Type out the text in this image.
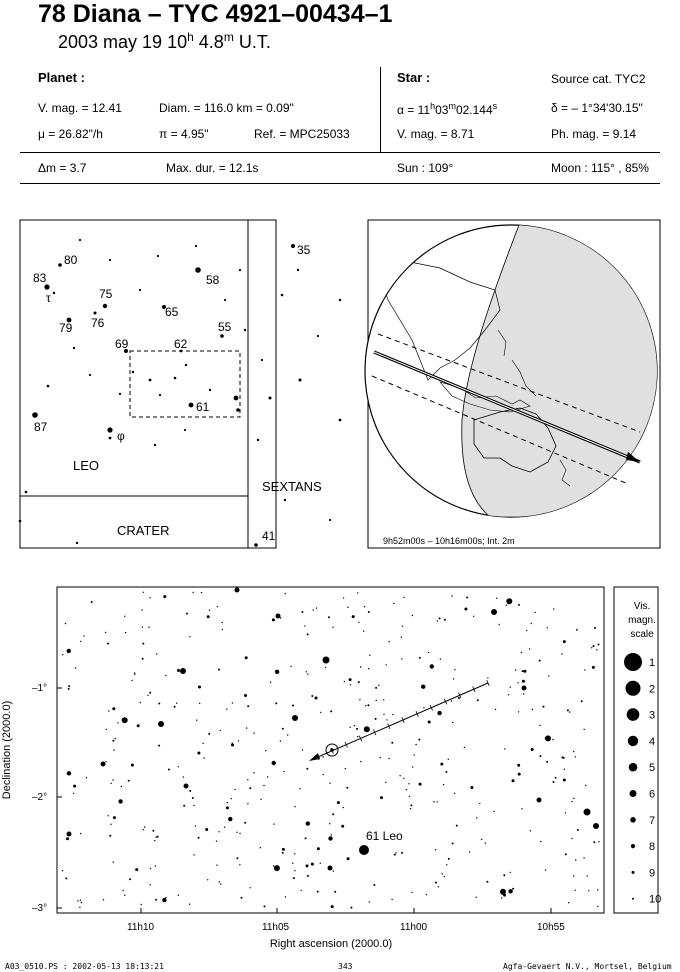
78 Diana – TYC 4921–00434–1
2003 may 19 10$^h$ 4.8$^m$ U.T.
Planet :
V. mag. = 12.41	Diam. = 116.0 km = 0.09"
μ = 26.82"/h	π = 4.95"	Ref. = MPC25033
Star :	Source cat. TYC2
$\alpha = 11^h03^m02.144^s$	δ = – 1°34'30.15"
V. mag. = 8.71	Ph. mag. = 9.14
Δm = 3.7	Max. dur. = 12.1s	Sun : 109°	Moon : 115° , 85%
80
83
τ	75
79 76
58
65
55
69	62
61
87
φ
35
41
LEO
SEXTANS
CRATER
9h52m00s – 10h16m00s; Int. 2m
61 Leo
–1°
–2°
–3°
11h10	11h05	11h00	10h55
Right ascension (2000.0)
Declination (2000.0)
Vis.
magn.
scale
1
2
3
4
5
6
7
8
9
10
A03_0510.PS : 2002-05-13 18:13:21	343	Agfa-Gevaert N.V., Mortsel, Belgium
